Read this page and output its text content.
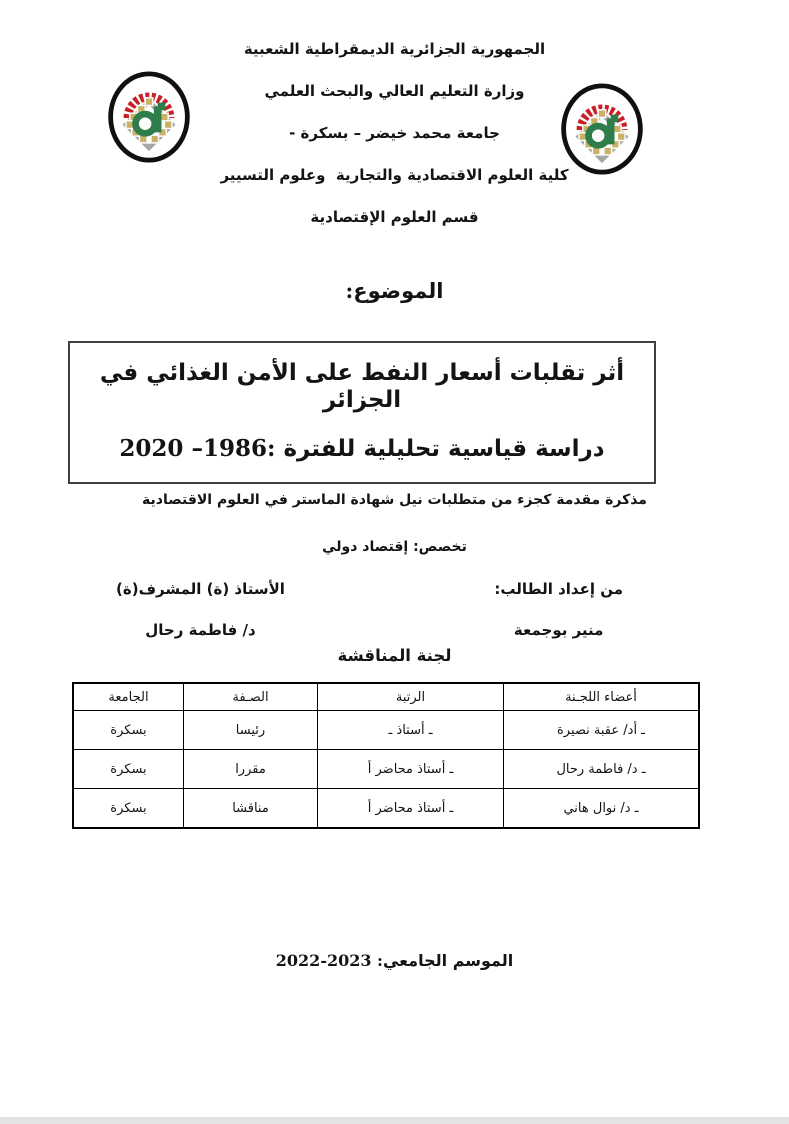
الجمهورية الجزائرية الديمقراطية الشعبية
وزارة التعليم العالي والبحث العلمي
جامعة محمد خيضر – بسكرة -
كلية العلوم الاقتصادية والتجارية  وعلوم التسيير
قسم العلوم الإقتصادية
الموضوع:
أثر تقلبات أسعار النفط على الأمن الغذائي في الجزائر
دراسة قياسية تحليلية للفترة :1986– 2020
مذكرة مقدمة كجزء من متطلبات نيل شهادة الماستر في العلوم الاقتصادية
تخصص: إقتصاد دولي
من إعداد الطالب:
منير بوجمعة
الأستاذ (ة) المشرف(ة)
د/ فاطمة رحال
لجنة المناقشة
أعضاء اللجـنة	الرتبة	الصـفة	الجامعة
ـ أد/ عقبة نصيرة	ـ أستاذ ـ	رئيسا	بسكرة
ـ د/ فاطمة رحال	ـ أستاذ محاضر أ	مقررا	بسكرة
ـ د/ نوال هاني	ـ أستاذ محاضر أ	مناقشا	بسكرة
الموسم الجامعي: 2023-2022
